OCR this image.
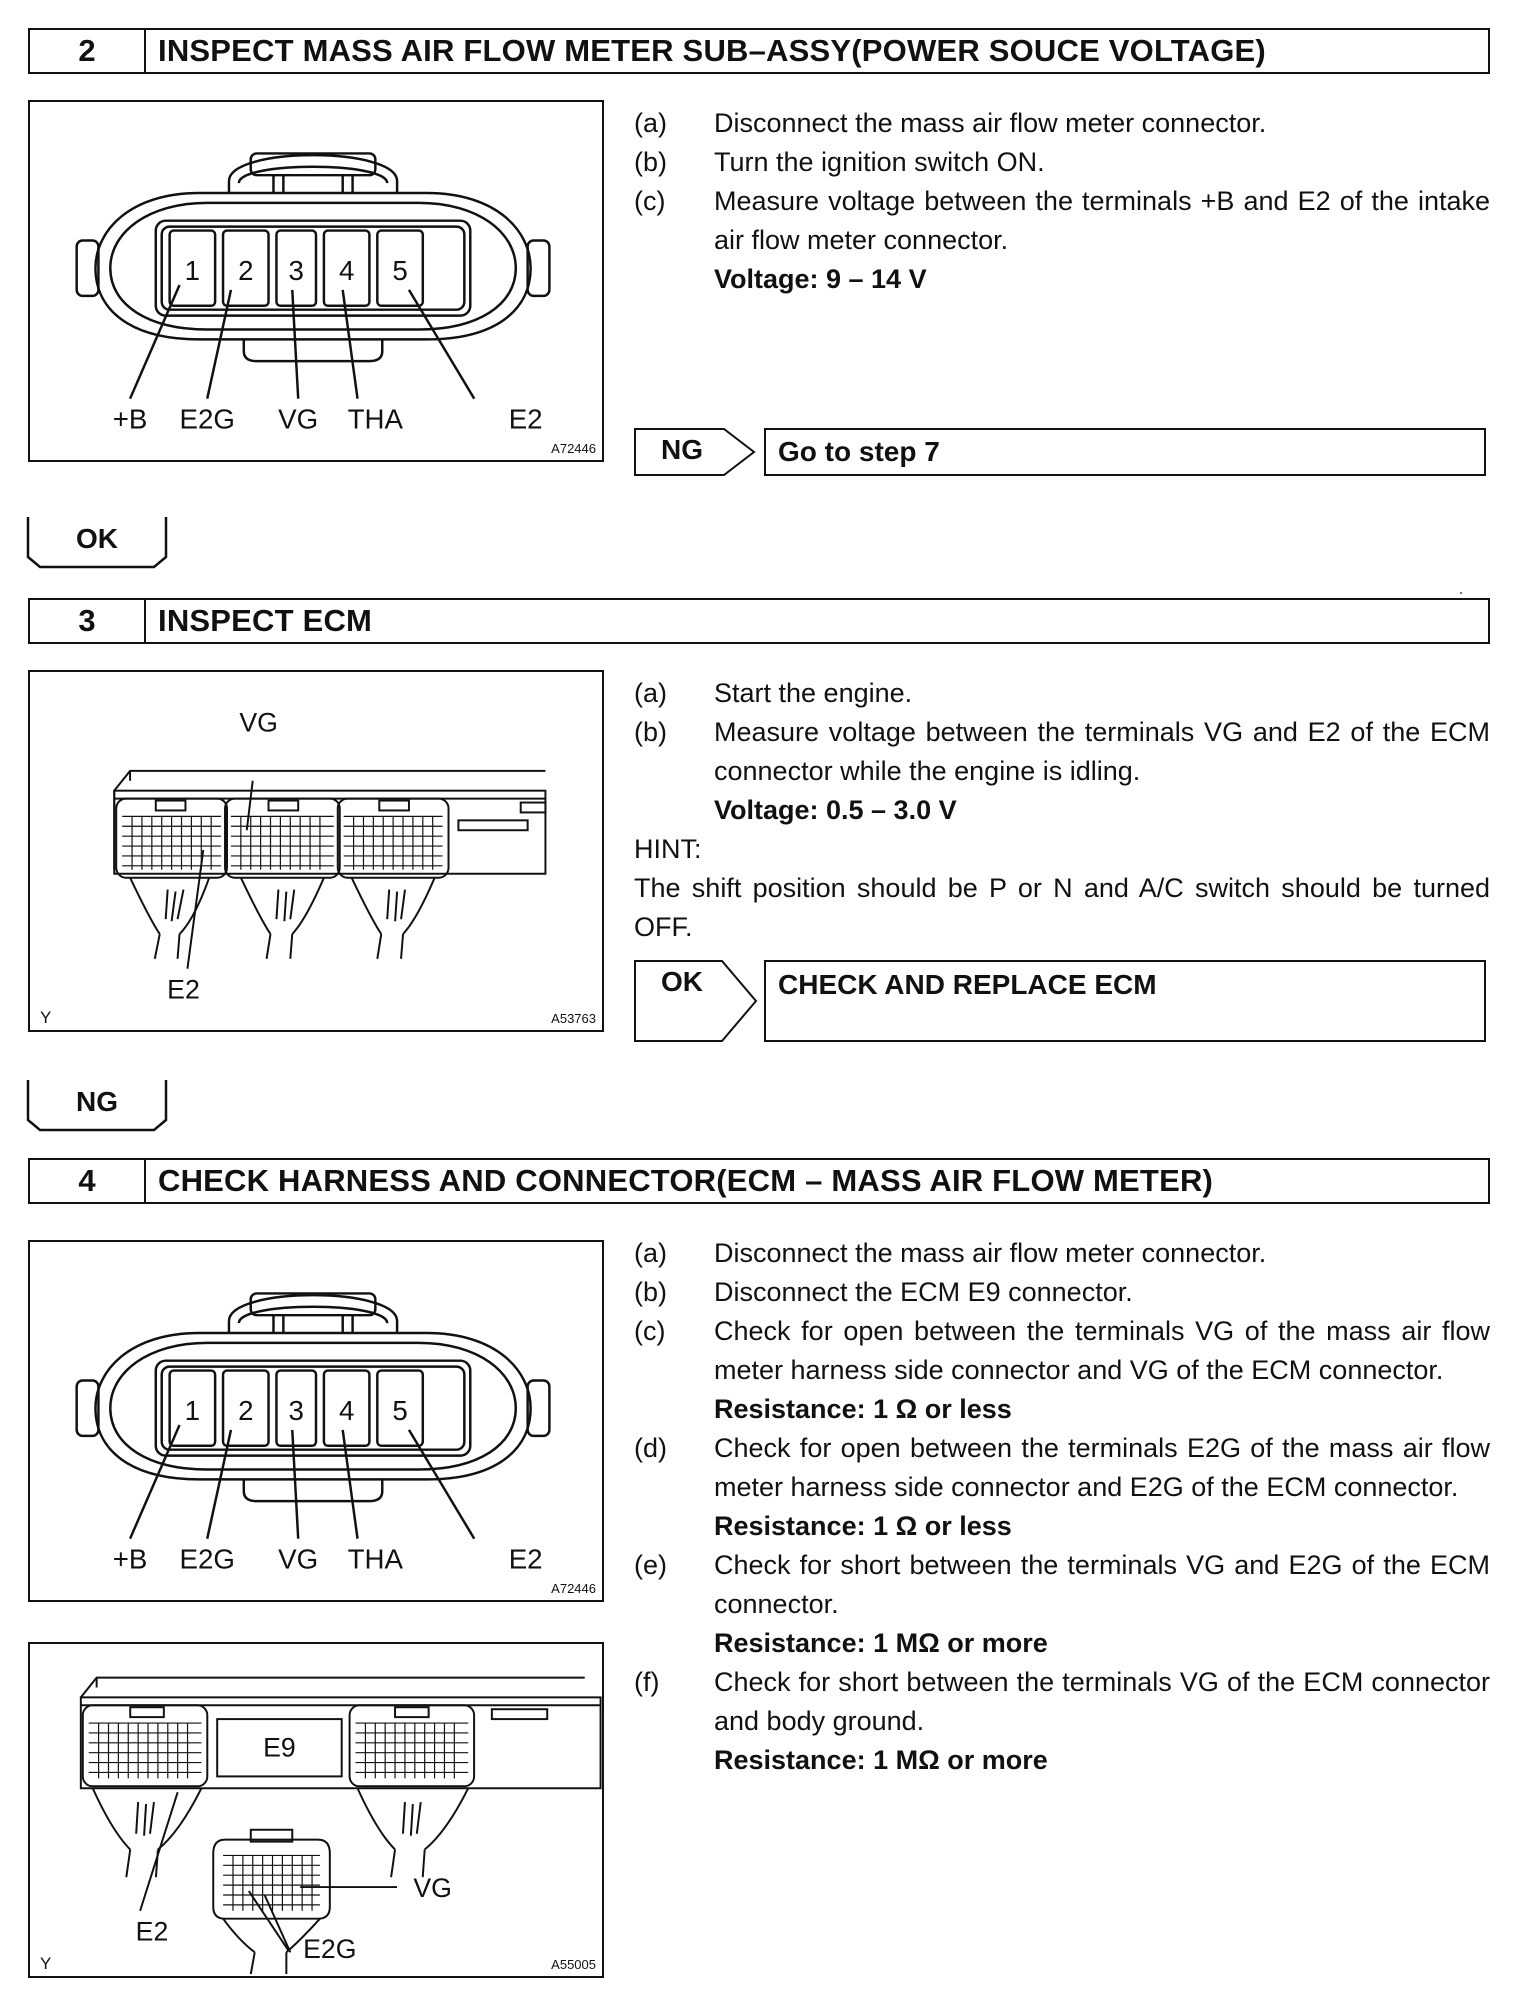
2	INSPECT MASS AIR FLOW METER SUB–ASSY(POWER SOUCE VOLTAGE)
1 2 3 4 5
+B E2G VG THA	E2
A72446
(a)	Disconnect the mass air flow meter connector.
(b)	Turn the ignition switch ON.
(c)	Measure voltage between the terminals +B and E2 of the intake air flow meter connector.
Voltage: 9 – 14 V
NG	Go to step 7
OK
3	INSPECT ECM
VG
E2
Y	A53763
(a)	Start the engine.
(b)	Measure voltage between the terminals VG and E2 of the ECM connector while the engine is idling.
Voltage: 0.5 – 3.0 V
HINT:
The shift position should be P or N and A/C switch should be turned OFF.
OK	CHECK AND REPLACE ECM
NG
4	CHECK HARNESS AND CONNECTOR(ECM – MASS AIR FLOW METER)
1 2 3 4 5
+B E2G VG THA	E2
A72446
E9
VG
E2
E2G
Y	A55005
(a)	Disconnect the mass air flow meter connector.
(b)	Disconnect the ECM E9 connector.
(c)	Check for open between the terminals VG of the mass air flow meter harness side connector and VG of the ECM connector.
Resistance: 1 Ω or less
(d)	Check for open between the terminals E2G of the mass air flow meter harness side connector and E2G of the ECM connector.
Resistance: 1 Ω or less
(e)	Check for short between the terminals VG and E2G of the ECM connector.
Resistance: 1 MΩ or more
(f)	Check for short between the terminals VG of the ECM connector and body ground.
Resistance: 1 MΩ or more
